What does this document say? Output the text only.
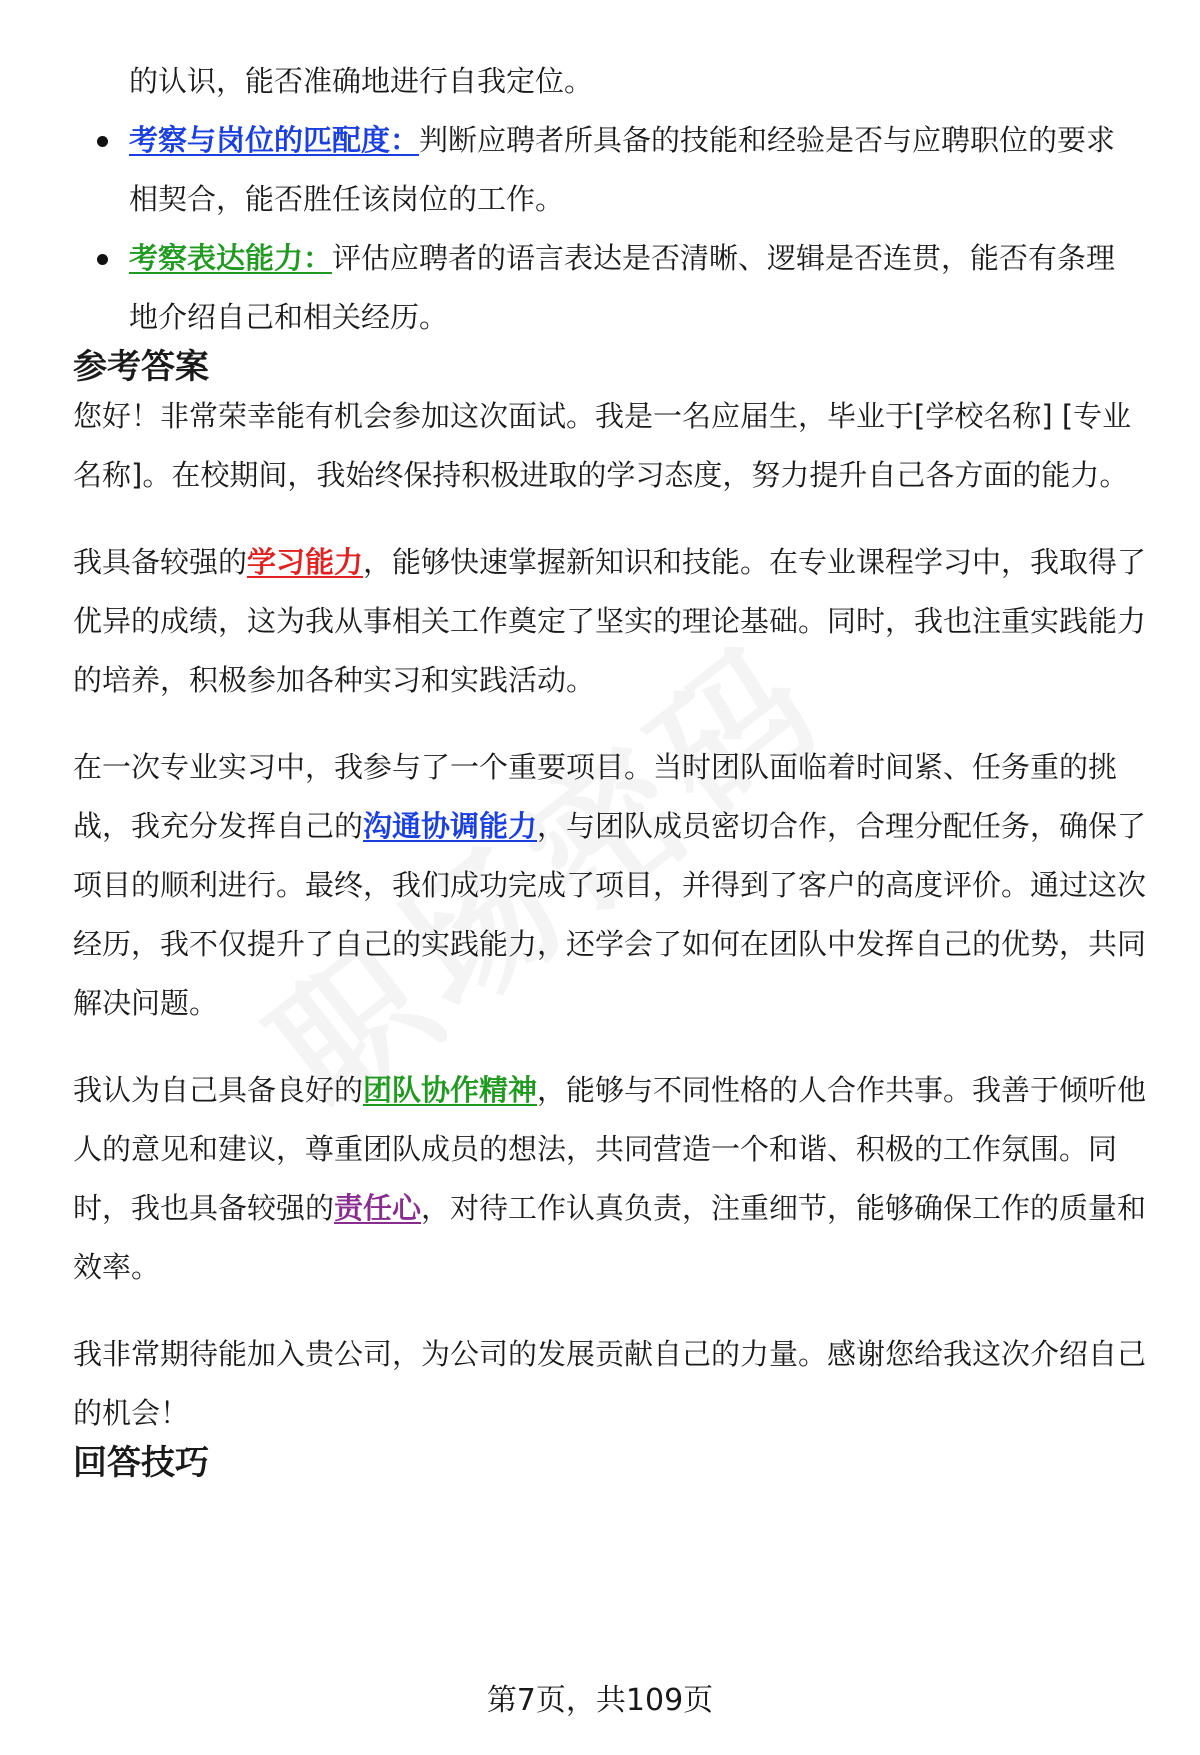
的认识，能否准确地进行自我定位。

考察与岗位的匹配度：判断应聘者所具备的技能和经验是否与应聘职位的要求
相契合，能否胜任该岗位的工作。
考察表达能力：评估应聘者的语言表达是否清晰、逻辑是否连贯，能否有条理
地介绍自己和相关经历。
参考答案

您好！非常荣幸能有机会参加这次面试。我是一名应届生，毕业于[学校名称] [专业名称]。在校期间，我始终保持积极进取的学习态度，努力提升自己各方面的能力。

我具备较强的学习能力，能够快速掌握新知识和技能。在专业课程学习中，我取得了优异的成绩，这为我从事相关工作奠定了坚实的理论基础。同时，我也注重实践能力的培养，积极参加各种实习和实践活动。

在一次专业实习中，我参与了一个重要项目。当时团队面临着时间紧、任务重的挑战，我充分发挥自己的沟通协调能力，与团队成员密切合作，合理分配任务，确保了项目的顺利进行。最终，我们成功完成了项目，并得到了客户的高度评价。通过这次经历，我不仅提升了自己的实践能力，还学会了如何在团队中发挥自己的优势，共同解决问题。

我认为自己具备良好的团队协作精神，能够与不同性格的人合作共事。我善于倾听他人的意见和建议，尊重团队成员的想法，共同营造一个和谐、积极的工作氛围。同时，我也具备较强的责任心，对待工作认真负责，注重细节，能够确保工作的质量和效率。

我非常期待能加入贵公司，为公司的发展贡献自己的力量。感谢您给我这次介绍自己的机会！

回答技巧
第7页，共109页
